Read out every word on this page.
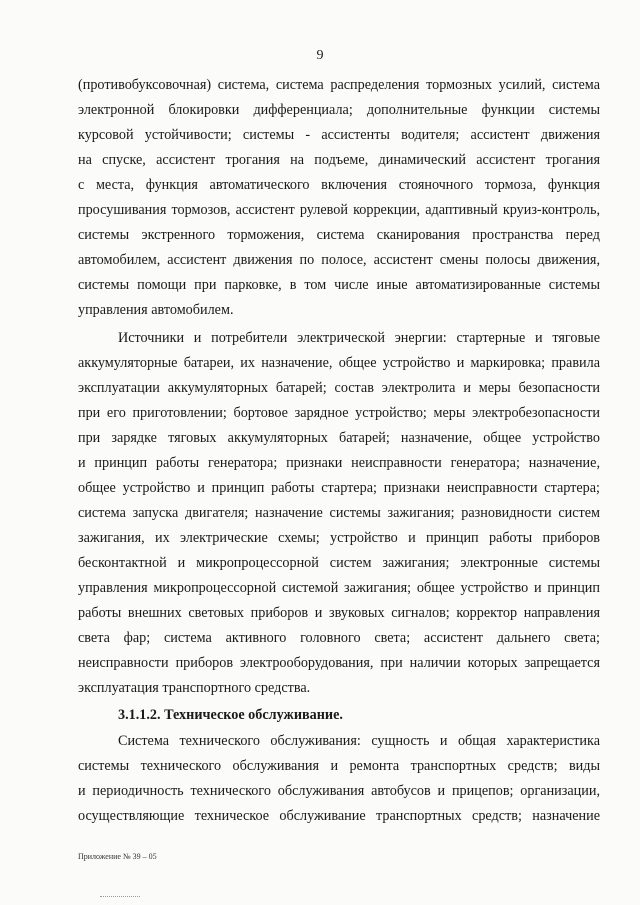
9
(противобуксовочная) система, система распределения тормозных усилий, система
электронной блокировки дифференциала; дополнительные функции системы
курсовой устойчивости; системы - ассистенты водителя; ассистент движения
на спуске, ассистент трогания на подъеме, динамический ассистент трогания
с места, функция автоматического включения стояночного тормоза, функция
просушивания тормозов, ассистент рулевой коррекции, адаптивный круиз-контроль,
системы экстренного торможения, система сканирования пространства перед
автомобилем, ассистент движения по полосе, ассистент смены полосы движения,
системы помощи при парковке, в том числе иные автоматизированные системы
управления автомобилем.
Источники и потребители электрической энергии: стартерные и тяговые
аккумуляторные батареи, их назначение, общее устройство и маркировка; правила
эксплуатации аккумуляторных батарей; состав электролита и меры безопасности
при его приготовлении; бортовое зарядное устройство; меры электробезопасности
при зарядке тяговых аккумуляторных батарей; назначение, общее устройство
и принцип работы генератора; признаки неисправности генератора; назначение,
общее устройство и принцип работы стартера; признаки неисправности стартера;
система запуска двигателя; назначение системы зажигания; разновидности систем
зажигания, их электрические схемы; устройство и принцип работы приборов
бесконтактной и микропроцессорной систем зажигания; электронные системы
управления микропроцессорной системой зажигания; общее устройство и принцип
работы внешних световых приборов и звуковых сигналов; корректор направления
света фар; система активного головного света; ассистент дальнего света;
неисправности приборов электрооборудования, при наличии которых запрещается
эксплуатация транспортного средства.
3.1.1.2. Техническое обслуживание.
Система технического обслуживания: сущность и общая характеристика
системы технического обслуживания и ремонта транспортных средств; виды
и периодичность технического обслуживания автобусов и прицепов; организации,
осуществляющие техническое обслуживание транспортных средств; назначение
Приложение № 39 – 05
